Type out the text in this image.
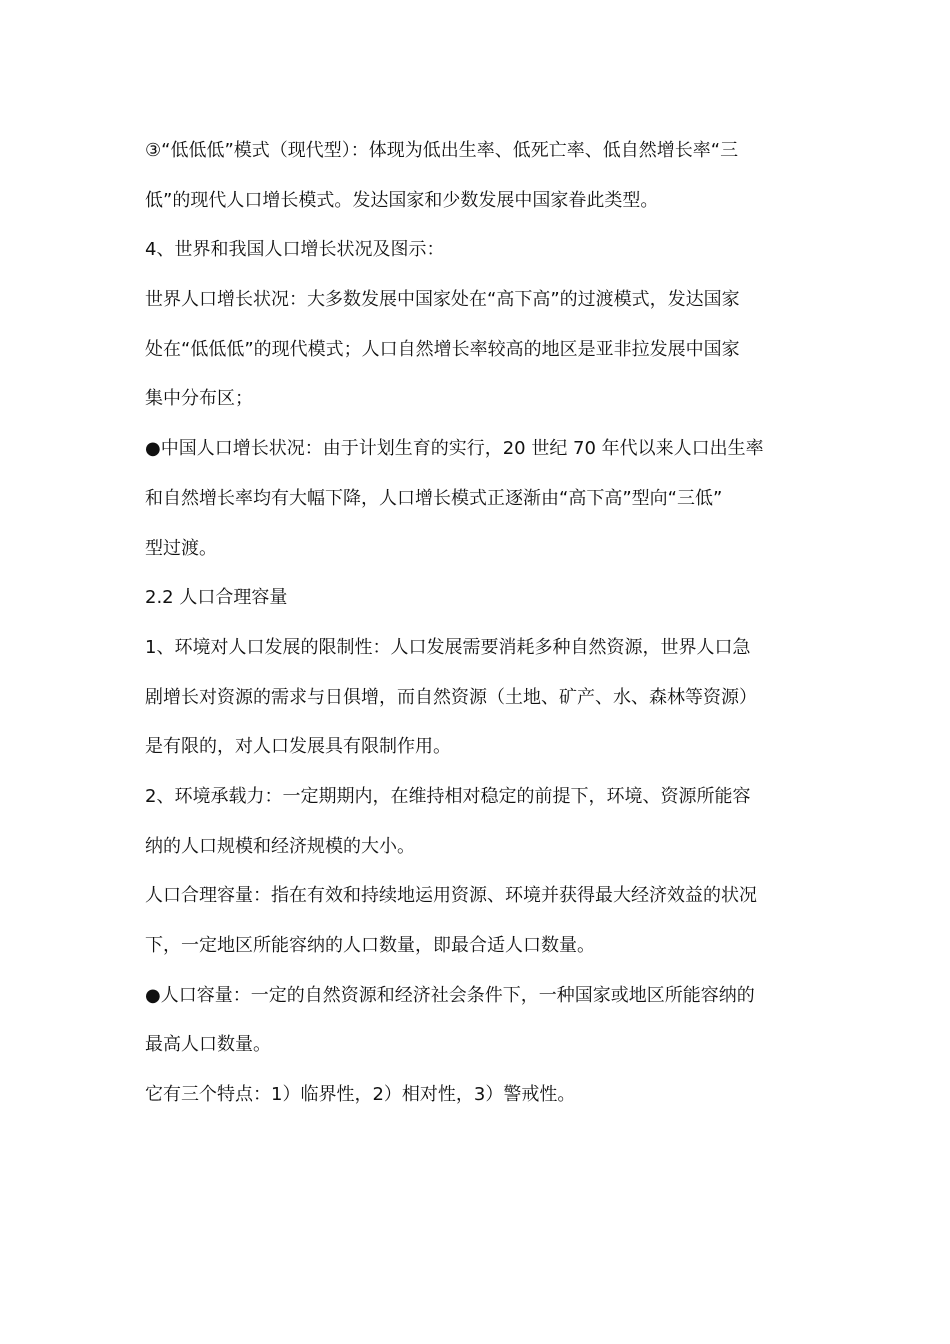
③“低低低”模式（现代型）：体现为低出生率、低死亡率、低自然增长率“三
低”的现代人口增长模式。发达国家和少数发展中国家眷此类型。
4、世界和我国人口增长状况及图示：
世界人口增长状况：大多数发展中国家处在“高下高”的过渡模式，发达国家
处在“低低低”的现代模式；人口自然增长率较高的地区是亚非拉发展中国家
集中分布区；
●中国人口增长状况：由于计划生育的实行，20 世纪 70 年代以来人口出生率
和自然增长率均有大幅下降，人口增长模式正逐渐由“高下高”型向“三低”
型过渡。
2.2 人口合理容量
1、环境对人口发展的限制性：人口发展需要消耗多种自然资源，世界人口急
剧增长对资源的需求与日俱增，而自然资源（土地、矿产、水、森林等资源）
是有限的，对人口发展具有限制作用。
2、环境承载力：一定期期内，在维持相对稳定的前提下，环境、资源所能容
纳的人口规模和经济规模的大小。
人口合理容量：指在有效和持续地运用资源、环境并获得最大经济效益的状况
下，一定地区所能容纳的人口数量，即最合适人口数量。
●人口容量：一定的自然资源和经济社会条件下，一种国家或地区所能容纳的
最高人口数量。
它有三个特点：1）临界性，2）相对性，3）警戒性。
